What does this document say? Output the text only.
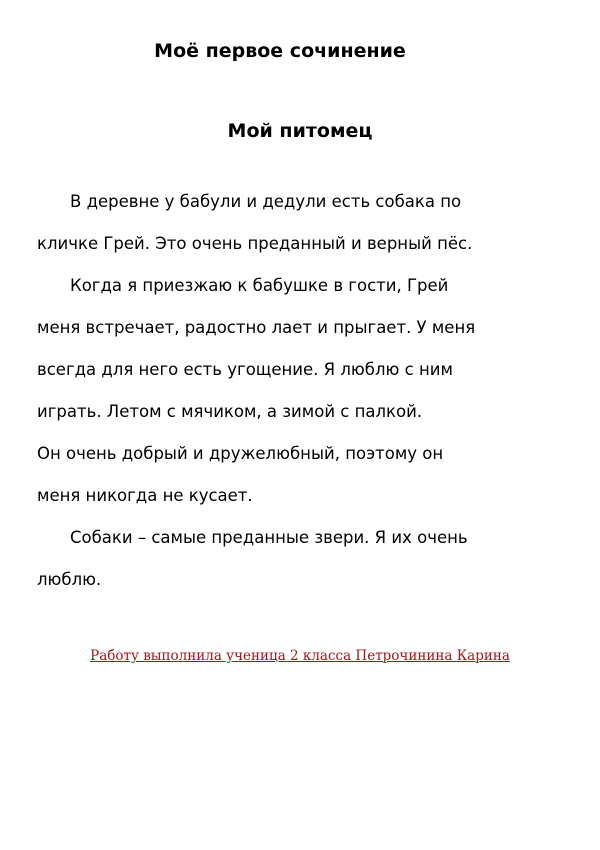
Моё первое сочинение
Мой питомец

В деревне у бабули и дедули есть собака по

кличке Грей. Это очень преданный и верный пёс.

Когда я приезжаю к бабушке в гости, Грей

меня встречает, радостно лает и прыгает. У меня

всегда для него есть угощение. Я люблю с ним

играть. Летом с мячиком, а зимой с палкой.

Он очень добрый и дружелюбный, поэтому он

меня никогда не кусает.

Собаки – самые преданные звери. Я их очень

люблю.

Работу выполнила ученица 2 класса Петрочинина Карина
